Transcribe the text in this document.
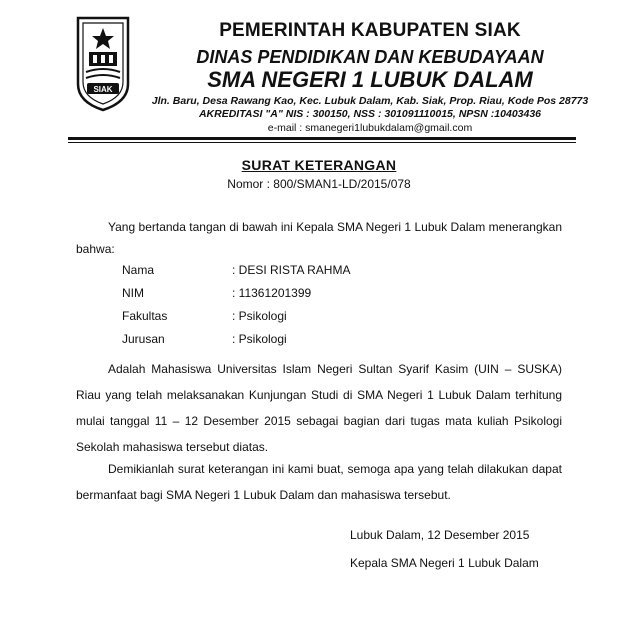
SIAK
PEMERINTAH KABUPATEN SIAK
DINAS PENDIDIKAN DAN KEBUDAYAAN
SMA NEGERI 1 LUBUK DALAM
Jln. Baru, Desa Rawang Kao, Kec. Lubuk Dalam, Kab. Siak, Prop. Riau, Kode Pos 28773
AKREDITASI "A" NIS : 300150, NSS : 301091110015, NPSN :10403436
e-mail : smanegeri1lubukdalam@gmail.com
SURAT KETERANGAN
Nomor : 800/SMAN1-LD/2015/078

Yang bertanda tangan di bawah ini Kepala SMA Negeri 1 Lubuk Dalam menerangkan bahwa:

Nama	: DESI RISTA RAHMA
NIM	: 11361201399
Fakultas	: Psikologi
Jurusan	: Psikologi

Adalah Mahasiswa Universitas Islam Negeri Sultan Syarif Kasim (UIN – SUSKA) Riau yang telah melaksanakan Kunjungan Studi di SMA Negeri 1 Lubuk Dalam terhitung mulai tanggal 11 – 12 Desember 2015 sebagai bagian dari tugas mata kuliah Psikologi Sekolah mahasiswa tersebut diatas.

Demikianlah surat keterangan ini kami buat, semoga apa yang telah dilakukan dapat bermanfaat bagi SMA Negeri 1 Lubuk Dalam dan mahasiswa tersebut.

Lubuk Dalam, 12 Desember 2015
Kepala SMA Negeri 1 Lubuk Dalam
